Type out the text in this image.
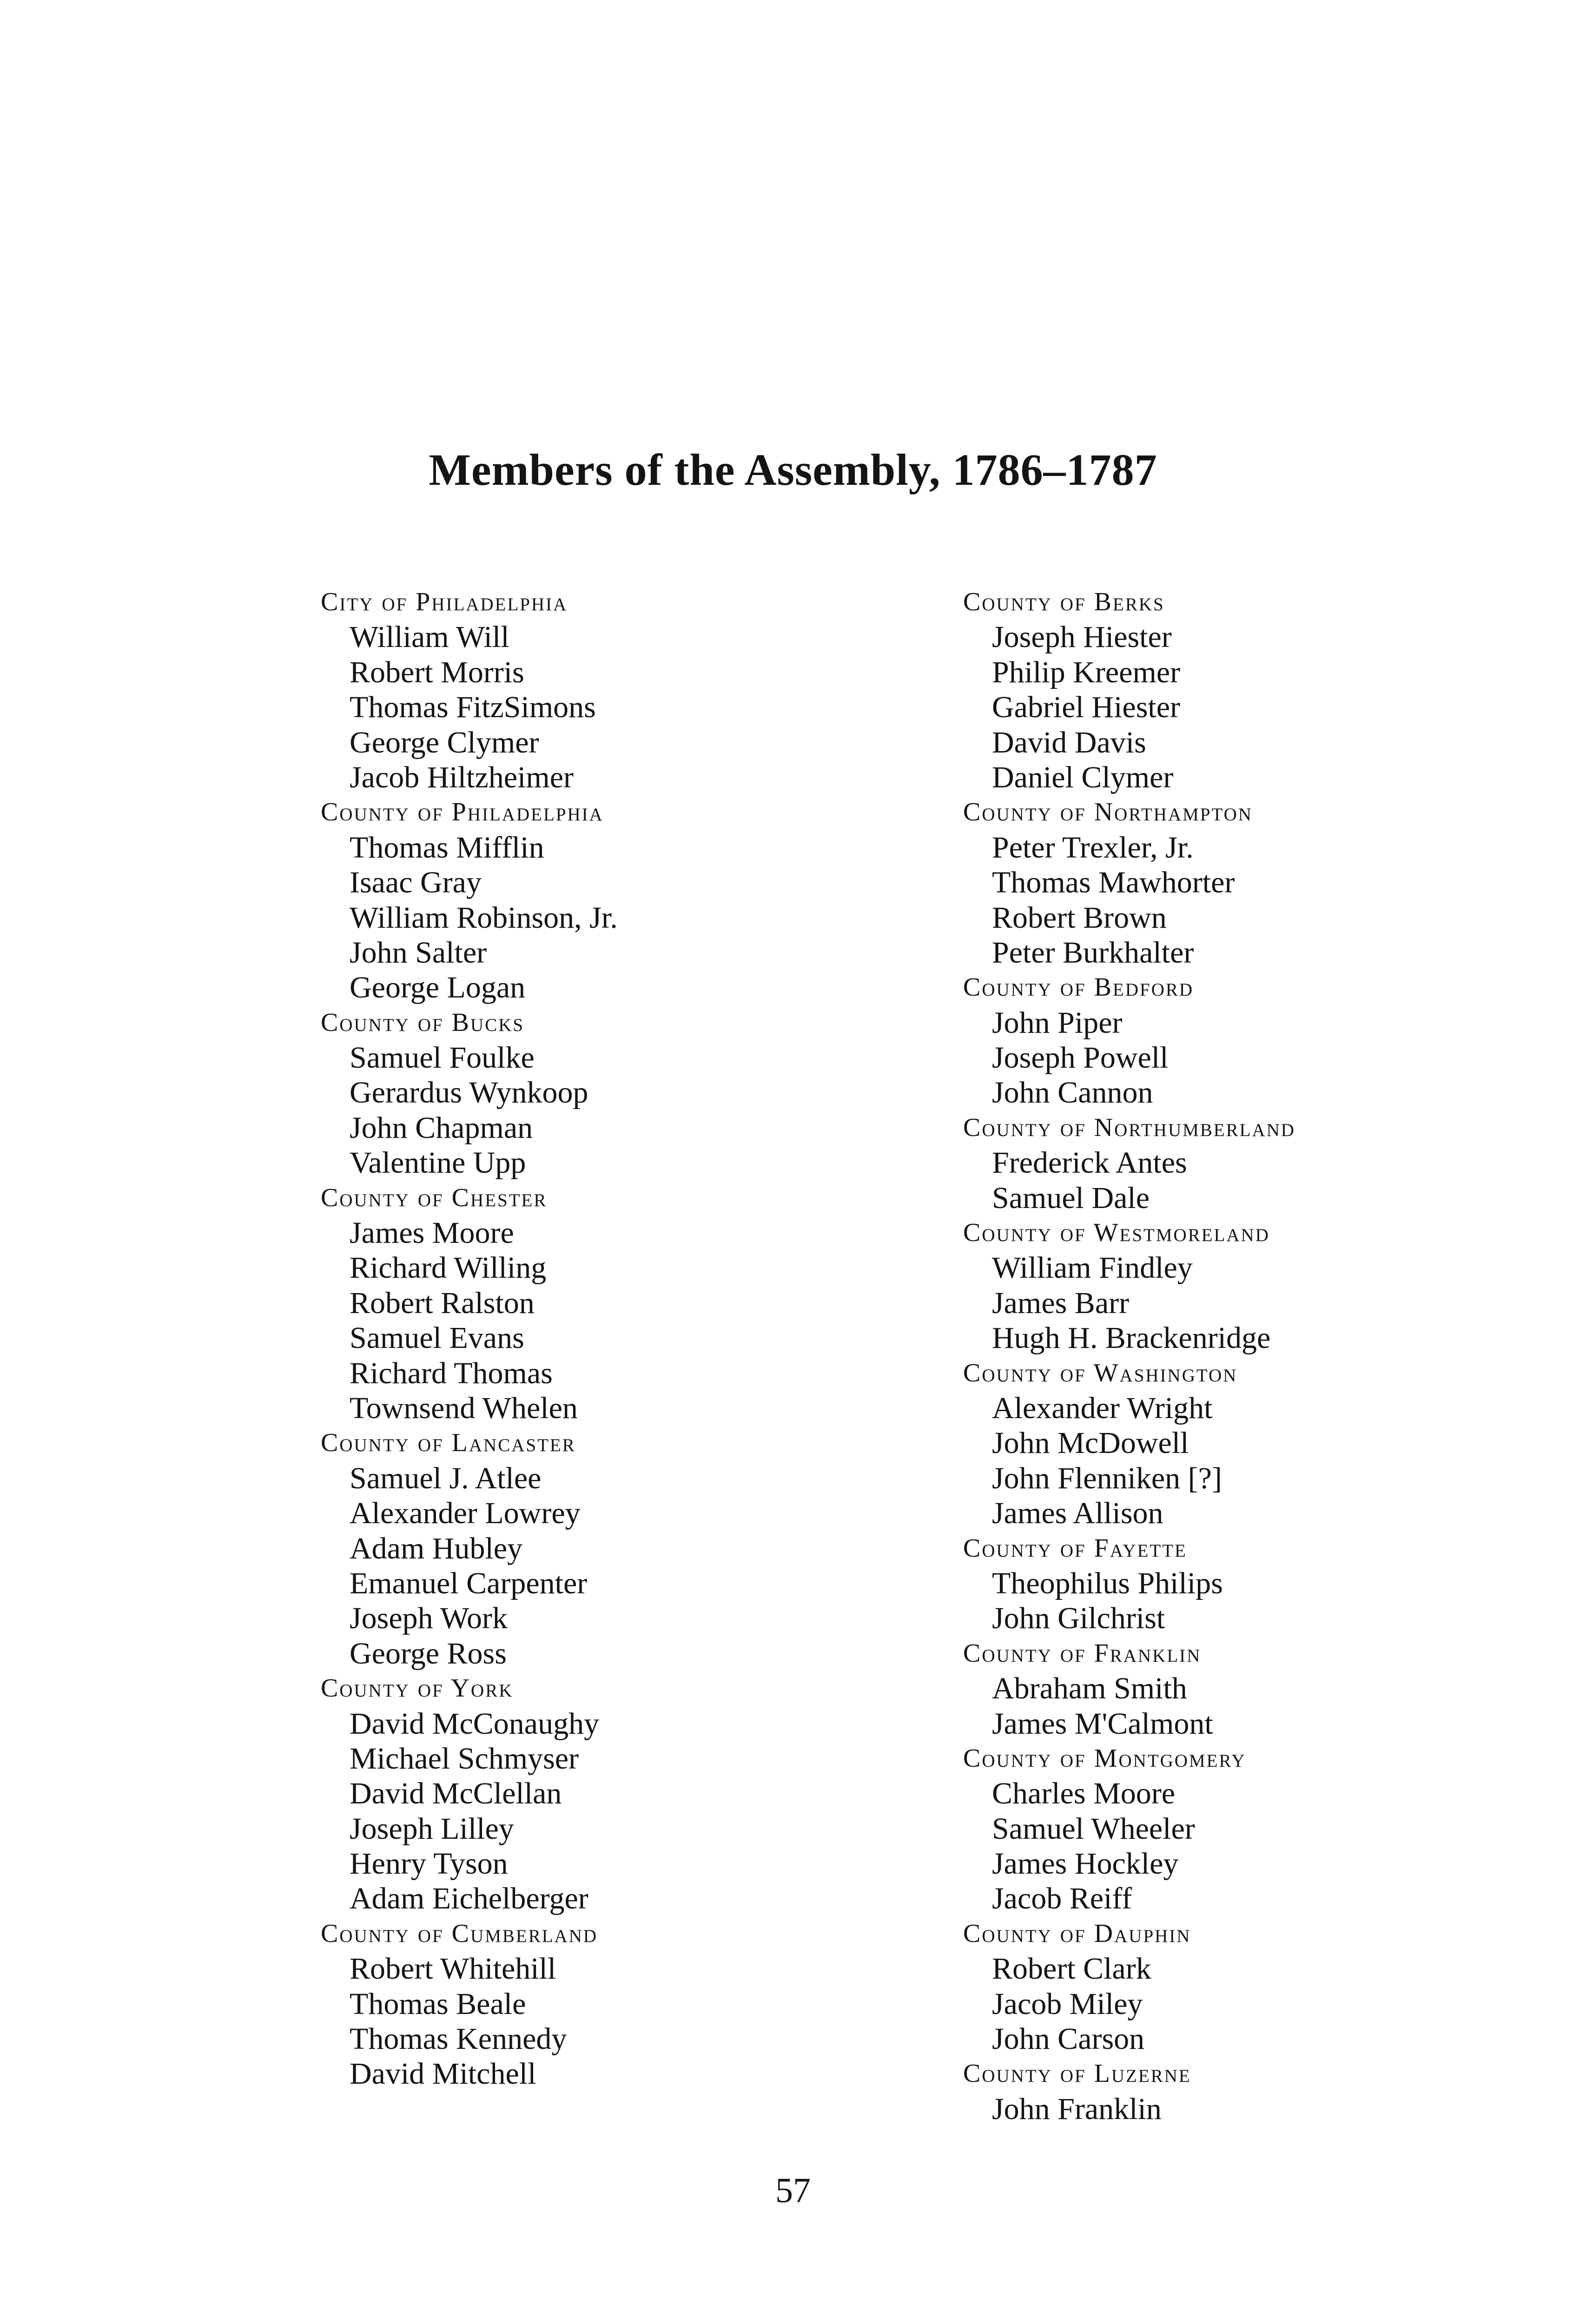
Members of the Assembly, 1786–1787
City of Philadelphia
William Will
Robert Morris
Thomas FitzSimons
George Clymer
Jacob Hiltzheimer
County of Philadelphia
Thomas Mifflin
Isaac Gray
William Robinson, Jr.
John Salter
George Logan
County of Bucks
Samuel Foulke
Gerardus Wynkoop
John Chapman
Valentine Upp
County of Chester
James Moore
Richard Willing
Robert Ralston
Samuel Evans
Richard Thomas
Townsend Whelen
County of Lancaster
Samuel J. Atlee
Alexander Lowrey
Adam Hubley
Emanuel Carpenter
Joseph Work
George Ross
County of York
David McConaughy
Michael Schmyser
David McClellan
Joseph Lilley
Henry Tyson
Adam Eichelberger
County of Cumberland
Robert Whitehill
Thomas Beale
Thomas Kennedy
David Mitchell
County of Berks
Joseph Hiester
Philip Kreemer
Gabriel Hiester
David Davis
Daniel Clymer
County of Northampton
Peter Trexler, Jr.
Thomas Mawhorter
Robert Brown
Peter Burkhalter
County of Bedford
John Piper
Joseph Powell
John Cannon
County of Northumberland
Frederick Antes
Samuel Dale
County of Westmoreland
William Findley
James Barr
Hugh H. Brackenridge
County of Washington
Alexander Wright
John McDowell
John Flenniken [?]
James Allison
County of Fayette
Theophilus Philips
John Gilchrist
County of Franklin
Abraham Smith
James M'Calmont
County of Montgomery
Charles Moore
Samuel Wheeler
James Hockley
Jacob Reiff
County of Dauphin
Robert Clark
Jacob Miley
John Carson
County of Luzerne
John Franklin
57
